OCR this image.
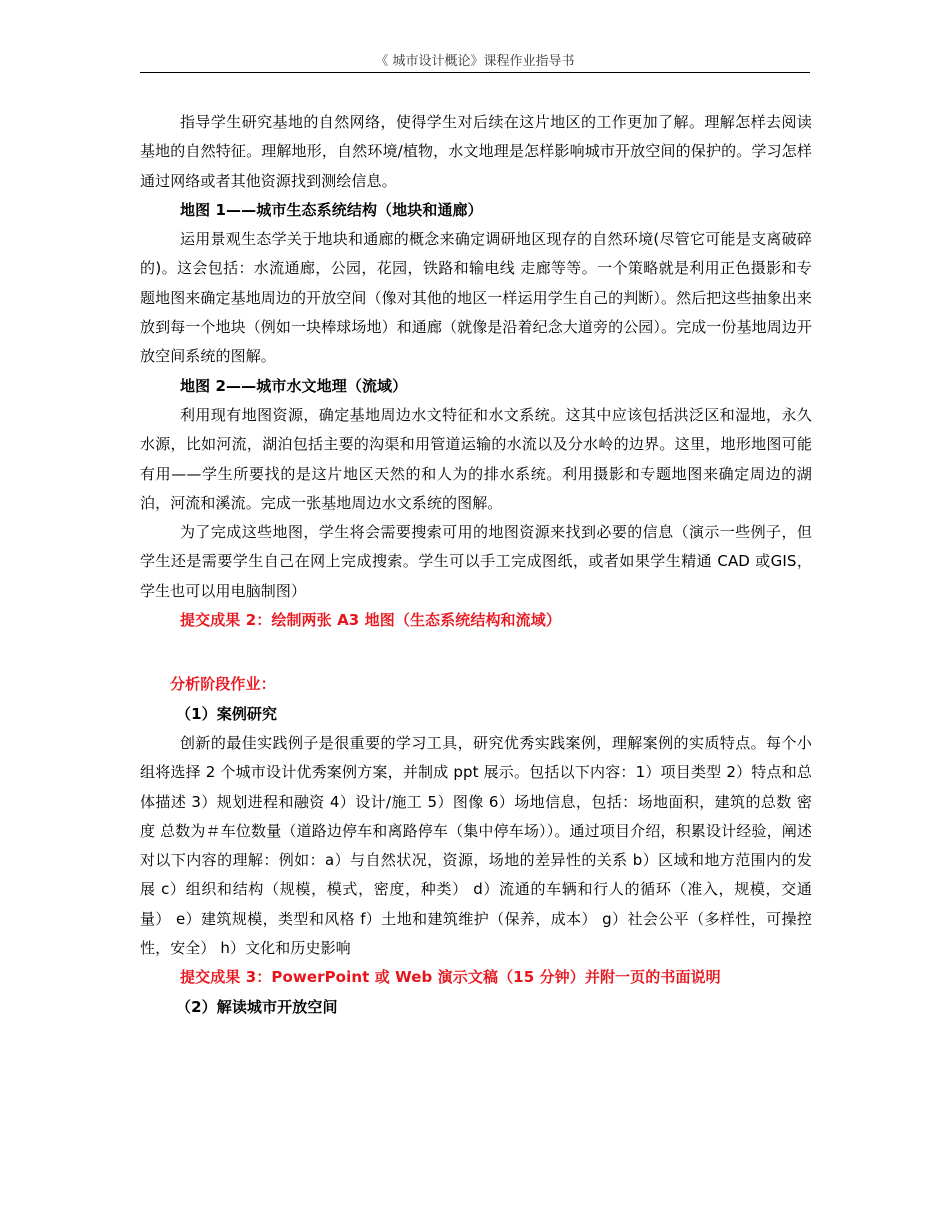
《 城市设计概论》课程作业指导书

指导学生研究基地的自然网络，使得学生对后续在这片地区的工作更加了解。理解怎样去阅读基地的自然特征。理解地形，自然环境/植物，水文地理是怎样影响城市开放空间的保护的。学习怎样通过网络或者其他资源找到测绘信息。

地图 1——城市生态系统结构（地块和通廊）

运用景观生态学关于地块和通廊的概念来确定调研地区现存的自然环境(尽管它可能是支离破碎的)。这会包括：水流通廊，公园，花园，铁路和输电线 走廊等等。一个策略就是利用正色摄影和专题地图来确定基地周边的开放空间（像对其他的地区一样运用学生自己的判断）。然后把这些抽象出来放到每一个地块（例如一块棒球场地）和通廊（就像是沿着纪念大道旁的公园）。完成一份基地周边开放空间系统的图解。

地图 2——城市水文地理（流域）

利用现有地图资源，确定基地周边水文特征和水文系统。这其中应该包括洪泛区和湿地，永久水源，比如河流，湖泊包括主要的沟渠和用管道运输的水流以及分水岭的边界。这里，地形地图可能有用——学生所要找的是这片地区天然的和人为的排水系统。利用摄影和专题地图来确定周边的湖泊，河流和溪流。完成一张基地周边水文系统的图解。

为了完成这些地图，学生将会需要搜索可用的地图资源来找到必要的信息（演示一些例子，但学生还是需要学生自己在网上完成搜索。学生可以手工完成图纸，或者如果学生精通 CAD 或GIS，学生也可以用电脑制图）

提交成果 2：绘制两张 A3 地图（生态系统结构和流域）

分析阶段作业：

（1）案例研究

创新的最佳实践例子是很重要的学习工具，研究优秀实践案例，理解案例的实质特点。每个小组将选择 2 个城市设计优秀案例方案，并制成 ppt 展示。包括以下内容：1）项目类型 2）特点和总体描述 3）规划进程和融资 4）设计/施工 5）图像 6）场地信息，包括：场地面积，建筑的总数 密度 总数为＃车位数量（道路边停车和离路停车（集中停车场））。通过项目介绍，积累设计经验，阐述对以下内容的理解：例如：a）与自然状况，资源，场地的差异性的关系 b）区域和地方范围内的发展 c）组织和结构（规模，模式，密度，种类） d）流通的车辆和行人的循环（准入，规模，交通量） e）建筑规模，类型和风格 f）土地和建筑维护（保养，成本） g）社会公平（多样性，可操控性，安全） h）文化和历史影响

提交成果 3：PowerPoint 或 Web 演示文稿（15 分钟）并附一页的书面说明

（2）解读城市开放空间
